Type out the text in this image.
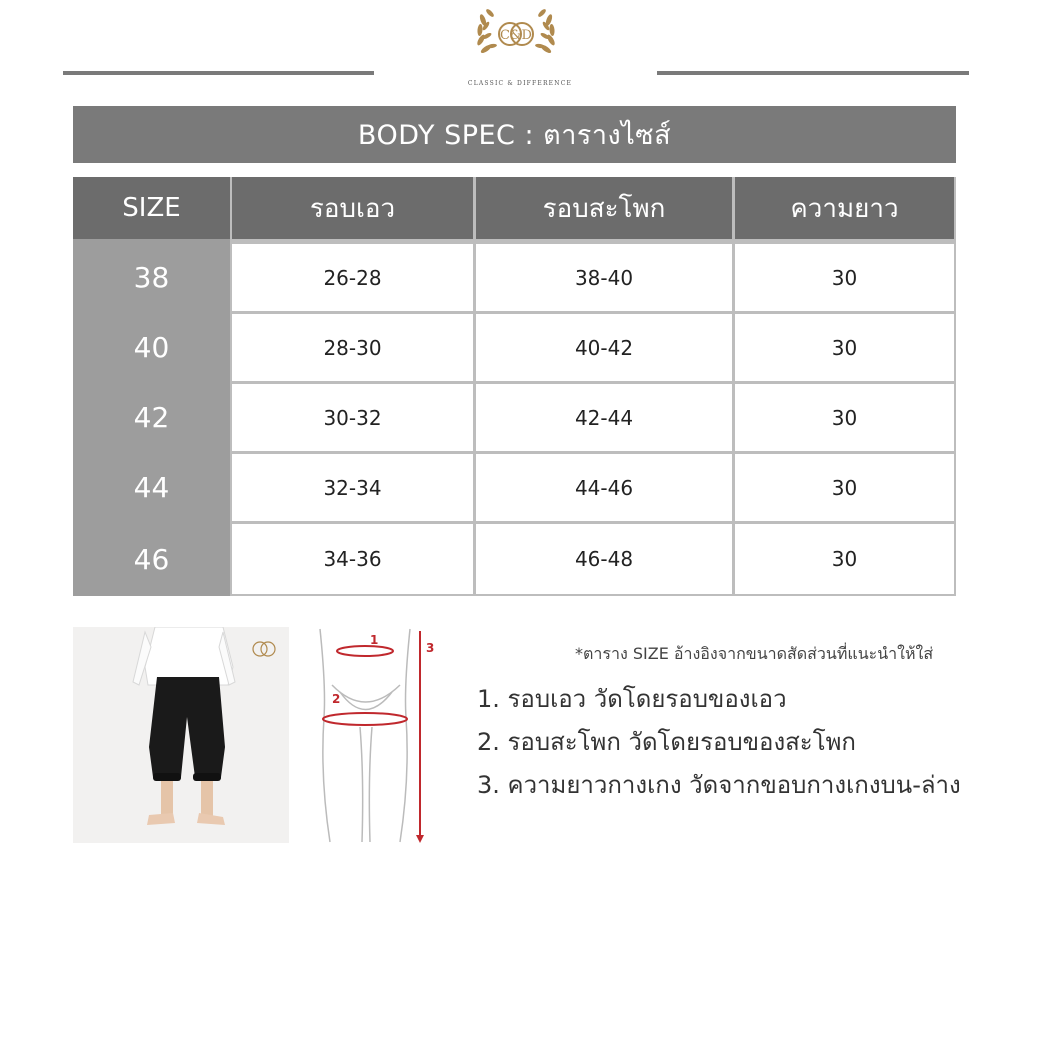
C&D
CLASSIC & DIFFERENCE
BODY SPEC : ตารางไซส์
SIZE	รอบเอว	รอบสะโพก	ความยาว
38	26-28	38-40	30
40	28-30	40-42	30
42	30-32	42-44	30
44	32-34	44-46	30
46	34-36	46-48	30
1
2
3	*ตาราง SIZE อ้างอิงจากขนาดสัดส่วนที่แนะนำให้ใส่
1. รอบเอว วัดโดยรอบของเอว
2. รอบสะโพก วัดโดยรอบของสะโพก
3. ความยาวกางเกง วัดจากขอบกางเกงบน-ล่าง
